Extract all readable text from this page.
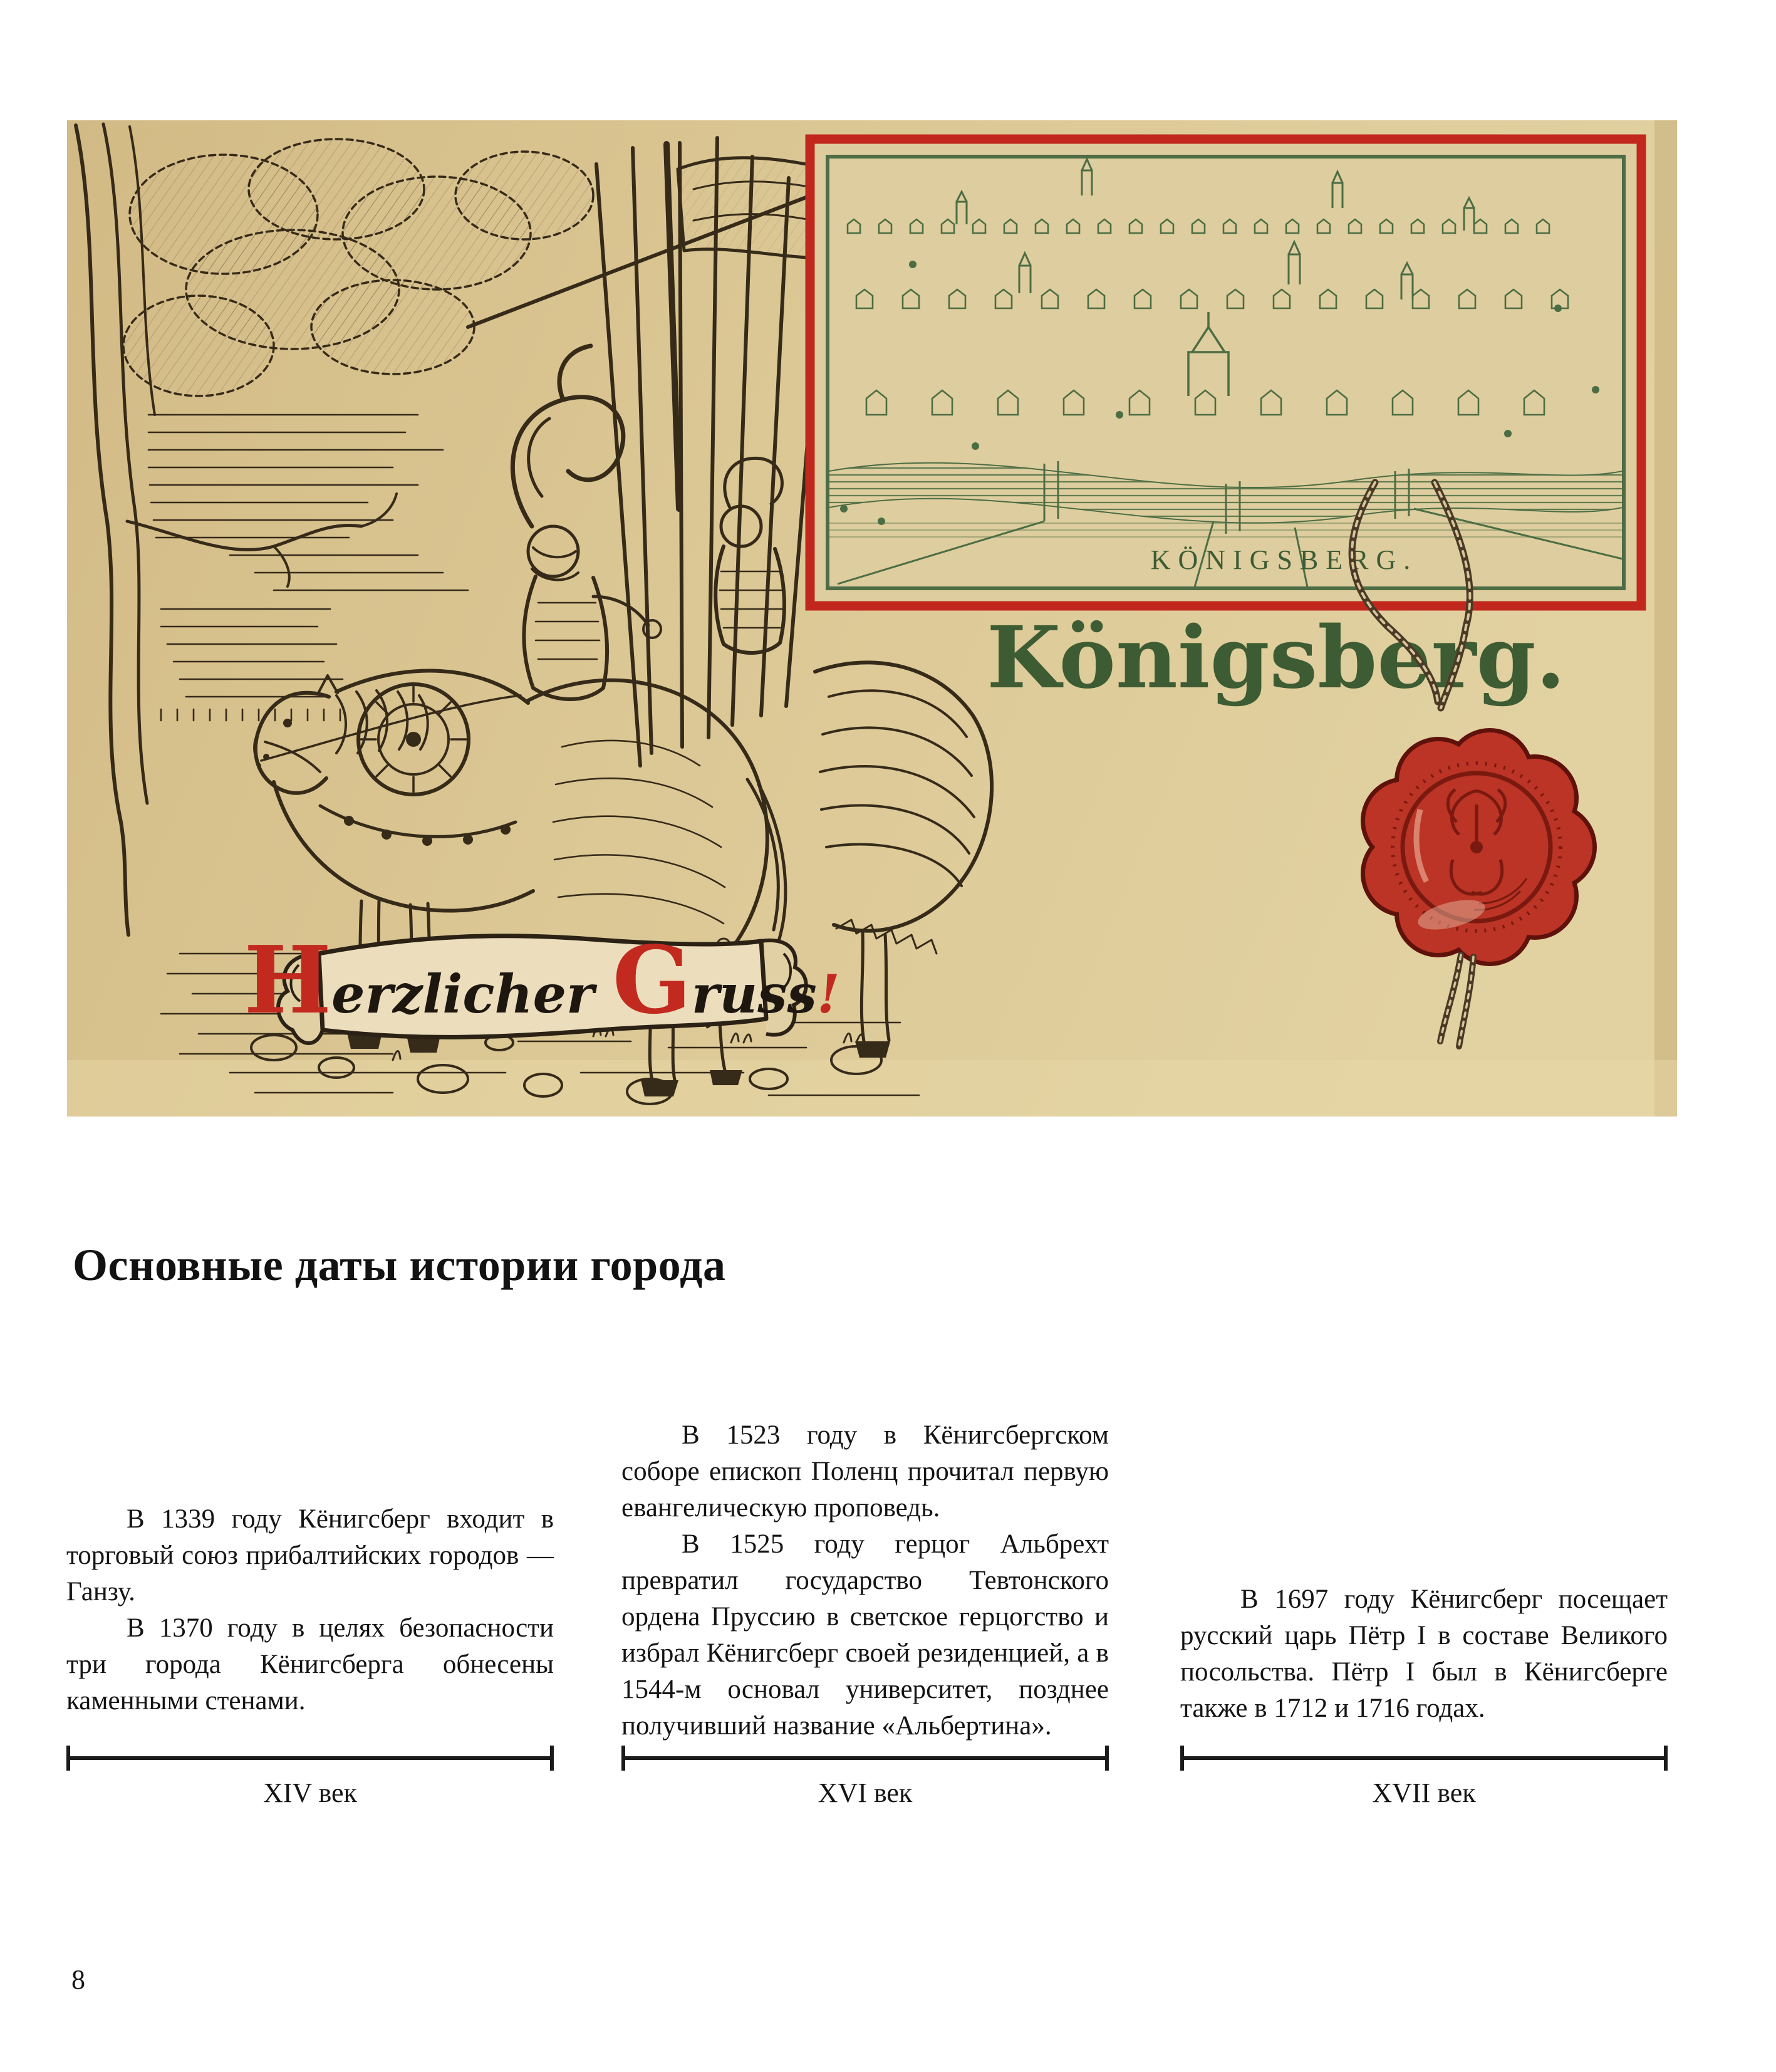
KÖNIGSBERG.
Königsberg.
Herzlicher Gruss!
Основные даты истории города

В 1339 году Кёнигсберг входит в торговый союз прибалтийских городов — Ганзу.

В 1370 году в целях безопасности три города Кёнигсберга обнесены каменными стенами.

В 1523 году в Кёнигсбергском соборе епископ Поленц прочитал первую евангелическую проповедь.

В 1525 году герцог Альбрехт превратил государство Тевтонского ордена Пруссию в светское герцогство и избрал Кёнигсберг своей резиденцией, а в 1544-м основал университет, позднее получивший название «Альбертина».

В 1697 году Кёнигсберг посещает русский царь Пётр I в составе Великого посольства. Пётр I был в Кёнигсберге также в 1712 и 1716 годах.

XIV век	XVI век	XVII век
8
